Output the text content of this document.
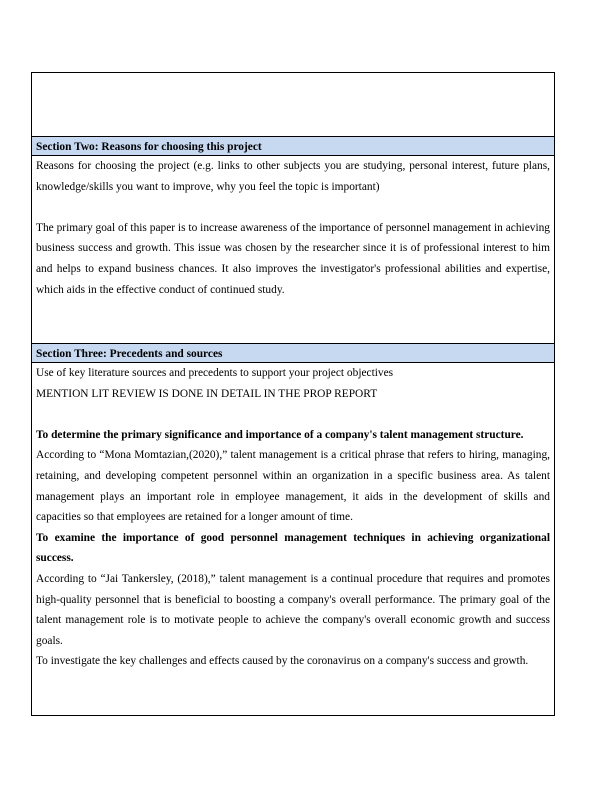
Section Two: Reasons for choosing this project

Reasons for choosing the project (e.g. links to other subjects you are studying, personal interest, future plans, knowledge/skills you want to improve, why you feel the topic is important)

The primary goal of this paper is to increase awareness of the importance of personnel management in achieving business success and growth. This issue was chosen by the researcher since it is of professional interest to him and helps to expand business chances. It also improves the investigator's professional abilities and expertise, which aids in the effective conduct of continued study.

Section Three: Precedents and sources

Use of key literature sources and precedents to support your project objectives

MENTION LIT REVIEW IS DONE IN DETAIL IN THE PROP REPORT

To determine the primary significance and importance of a company's talent management structure.

According to “Mona Momtazian,(2020),” talent management is a critical phrase that refers to hiring, managing, retaining, and developing competent personnel within an organization in a specific business area. As talent management plays an important role in employee management, it aids in the development of skills and capacities so that employees are retained for a longer amount of time.

To examine the importance of good personnel management techniques in achieving organizational success.

According to “Jai Tankersley, (2018),” talent management is a continual procedure that requires and promotes high-quality personnel that is beneficial to boosting a company's overall performance. The primary goal of the talent management role is to motivate people to achieve the company's overall economic growth and success goals.

To investigate the key challenges and effects caused by the coronavirus on a company's success and growth.
